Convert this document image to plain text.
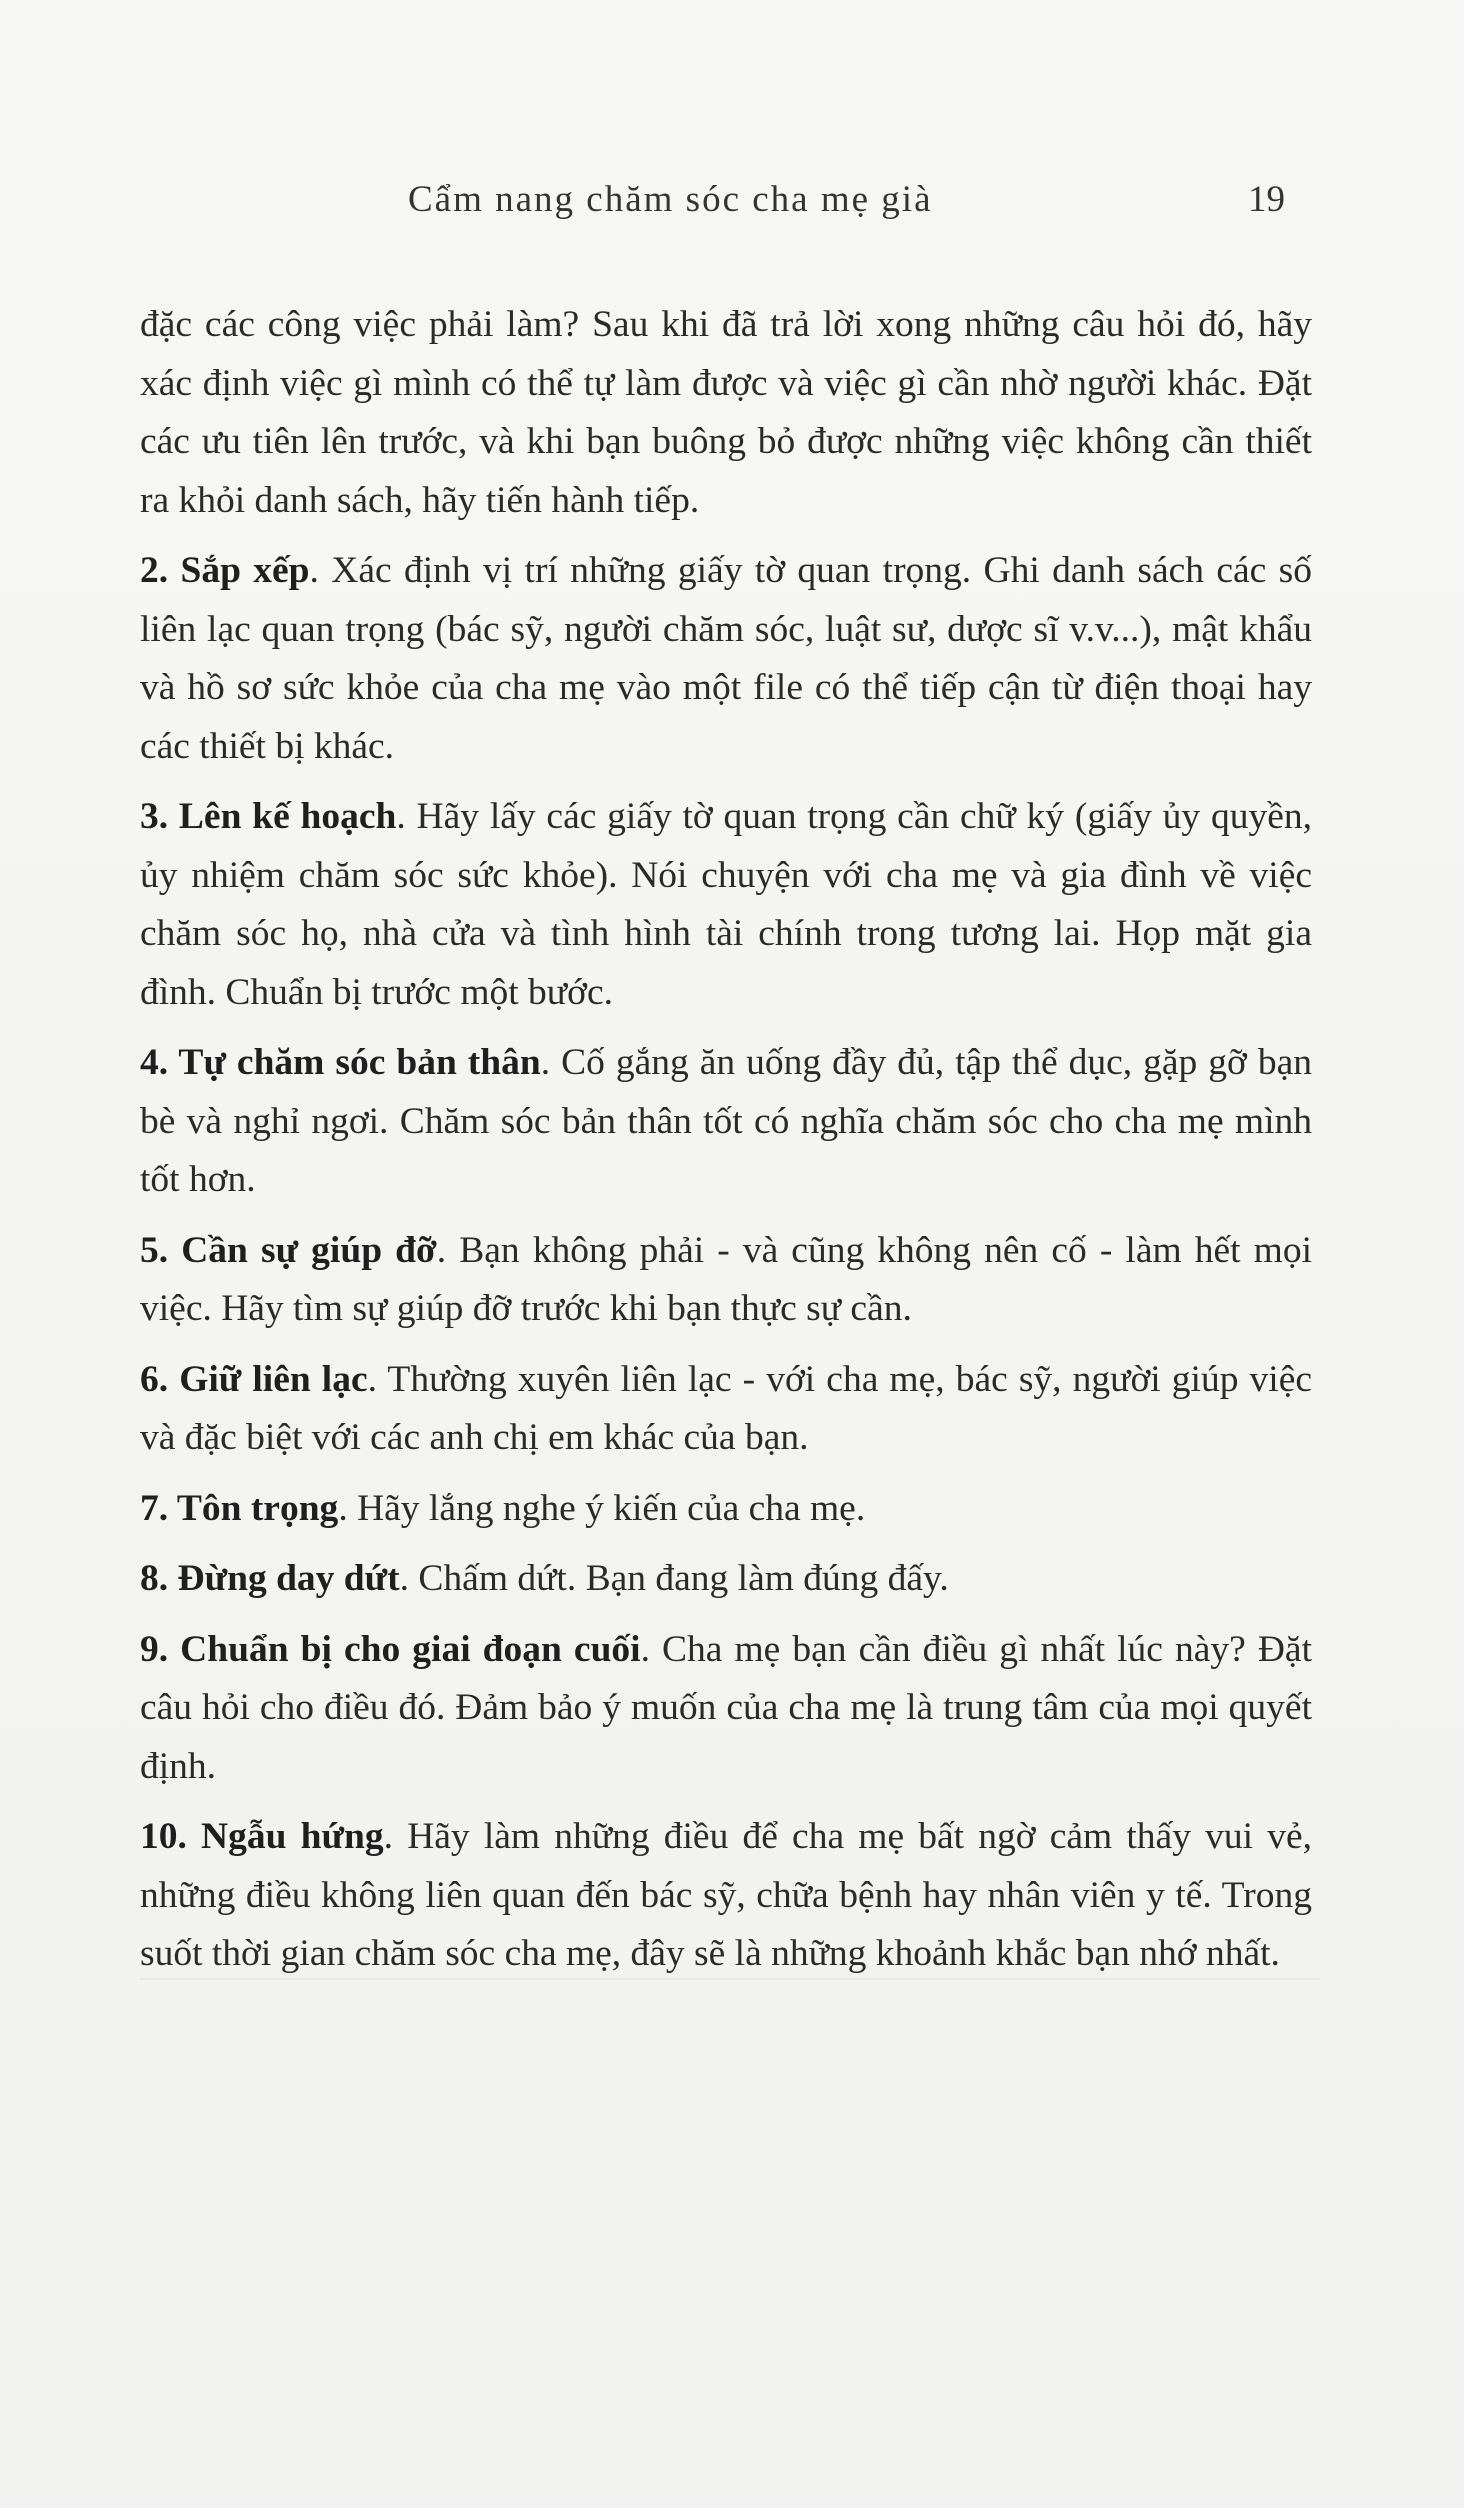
Cẩm nang chăm sóc cha mẹ già	19

đặc các công việc phải làm? Sau khi đã trả lời xong những câu hỏi đó, hãy xác định việc gì mình có thể tự làm được và việc gì cần nhờ người khác. Đặt các ưu tiên lên trước, và khi bạn buông bỏ được những việc không cần thiết ra khỏi danh sách, hãy tiến hành tiếp.

2. Sắp xếp. Xác định vị trí những giấy tờ quan trọng. Ghi danh sách các số liên lạc quan trọng (bác sỹ, người chăm sóc, luật sư, dược sĩ v.v...), mật khẩu và hồ sơ sức khỏe của cha mẹ vào một file có thể tiếp cận từ điện thoại hay các thiết bị khác.

3. Lên kế hoạch. Hãy lấy các giấy tờ quan trọng cần chữ ký (giấy ủy quyền, ủy nhiệm chăm sóc sức khỏe). Nói chuyện với cha mẹ và gia đình về việc chăm sóc họ, nhà cửa và tình hình tài chính trong tương lai. Họp mặt gia đình. Chuẩn bị trước một bước.

4. Tự chăm sóc bản thân. Cố gắng ăn uống đầy đủ, tập thể dục, gặp gỡ bạn bè và nghỉ ngơi. Chăm sóc bản thân tốt có nghĩa chăm sóc cho cha mẹ mình tốt hơn.

5. Cần sự giúp đỡ. Bạn không phải - và cũng không nên cố - làm hết mọi việc. Hãy tìm sự giúp đỡ trước khi bạn thực sự cần.

6. Giữ liên lạc. Thường xuyên liên lạc - với cha mẹ, bác sỹ, người giúp việc và đặc biệt với các anh chị em khác của bạn.

7. Tôn trọng. Hãy lắng nghe ý kiến của cha mẹ.

8. Đừng day dứt. Chấm dứt. Bạn đang làm đúng đấy.

9. Chuẩn bị cho giai đoạn cuối. Cha mẹ bạn cần điều gì nhất lúc này? Đặt câu hỏi cho điều đó. Đảm bảo ý muốn của cha mẹ là trung tâm của mọi quyết định.

10. Ngẫu hứng. Hãy làm những điều để cha mẹ bất ngờ cảm thấy vui vẻ, những điều không liên quan đến bác sỹ, chữa bệnh hay nhân viên y tế. Trong suốt thời gian chăm sóc cha mẹ, đây sẽ là những khoảnh khắc bạn nhớ nhất.
